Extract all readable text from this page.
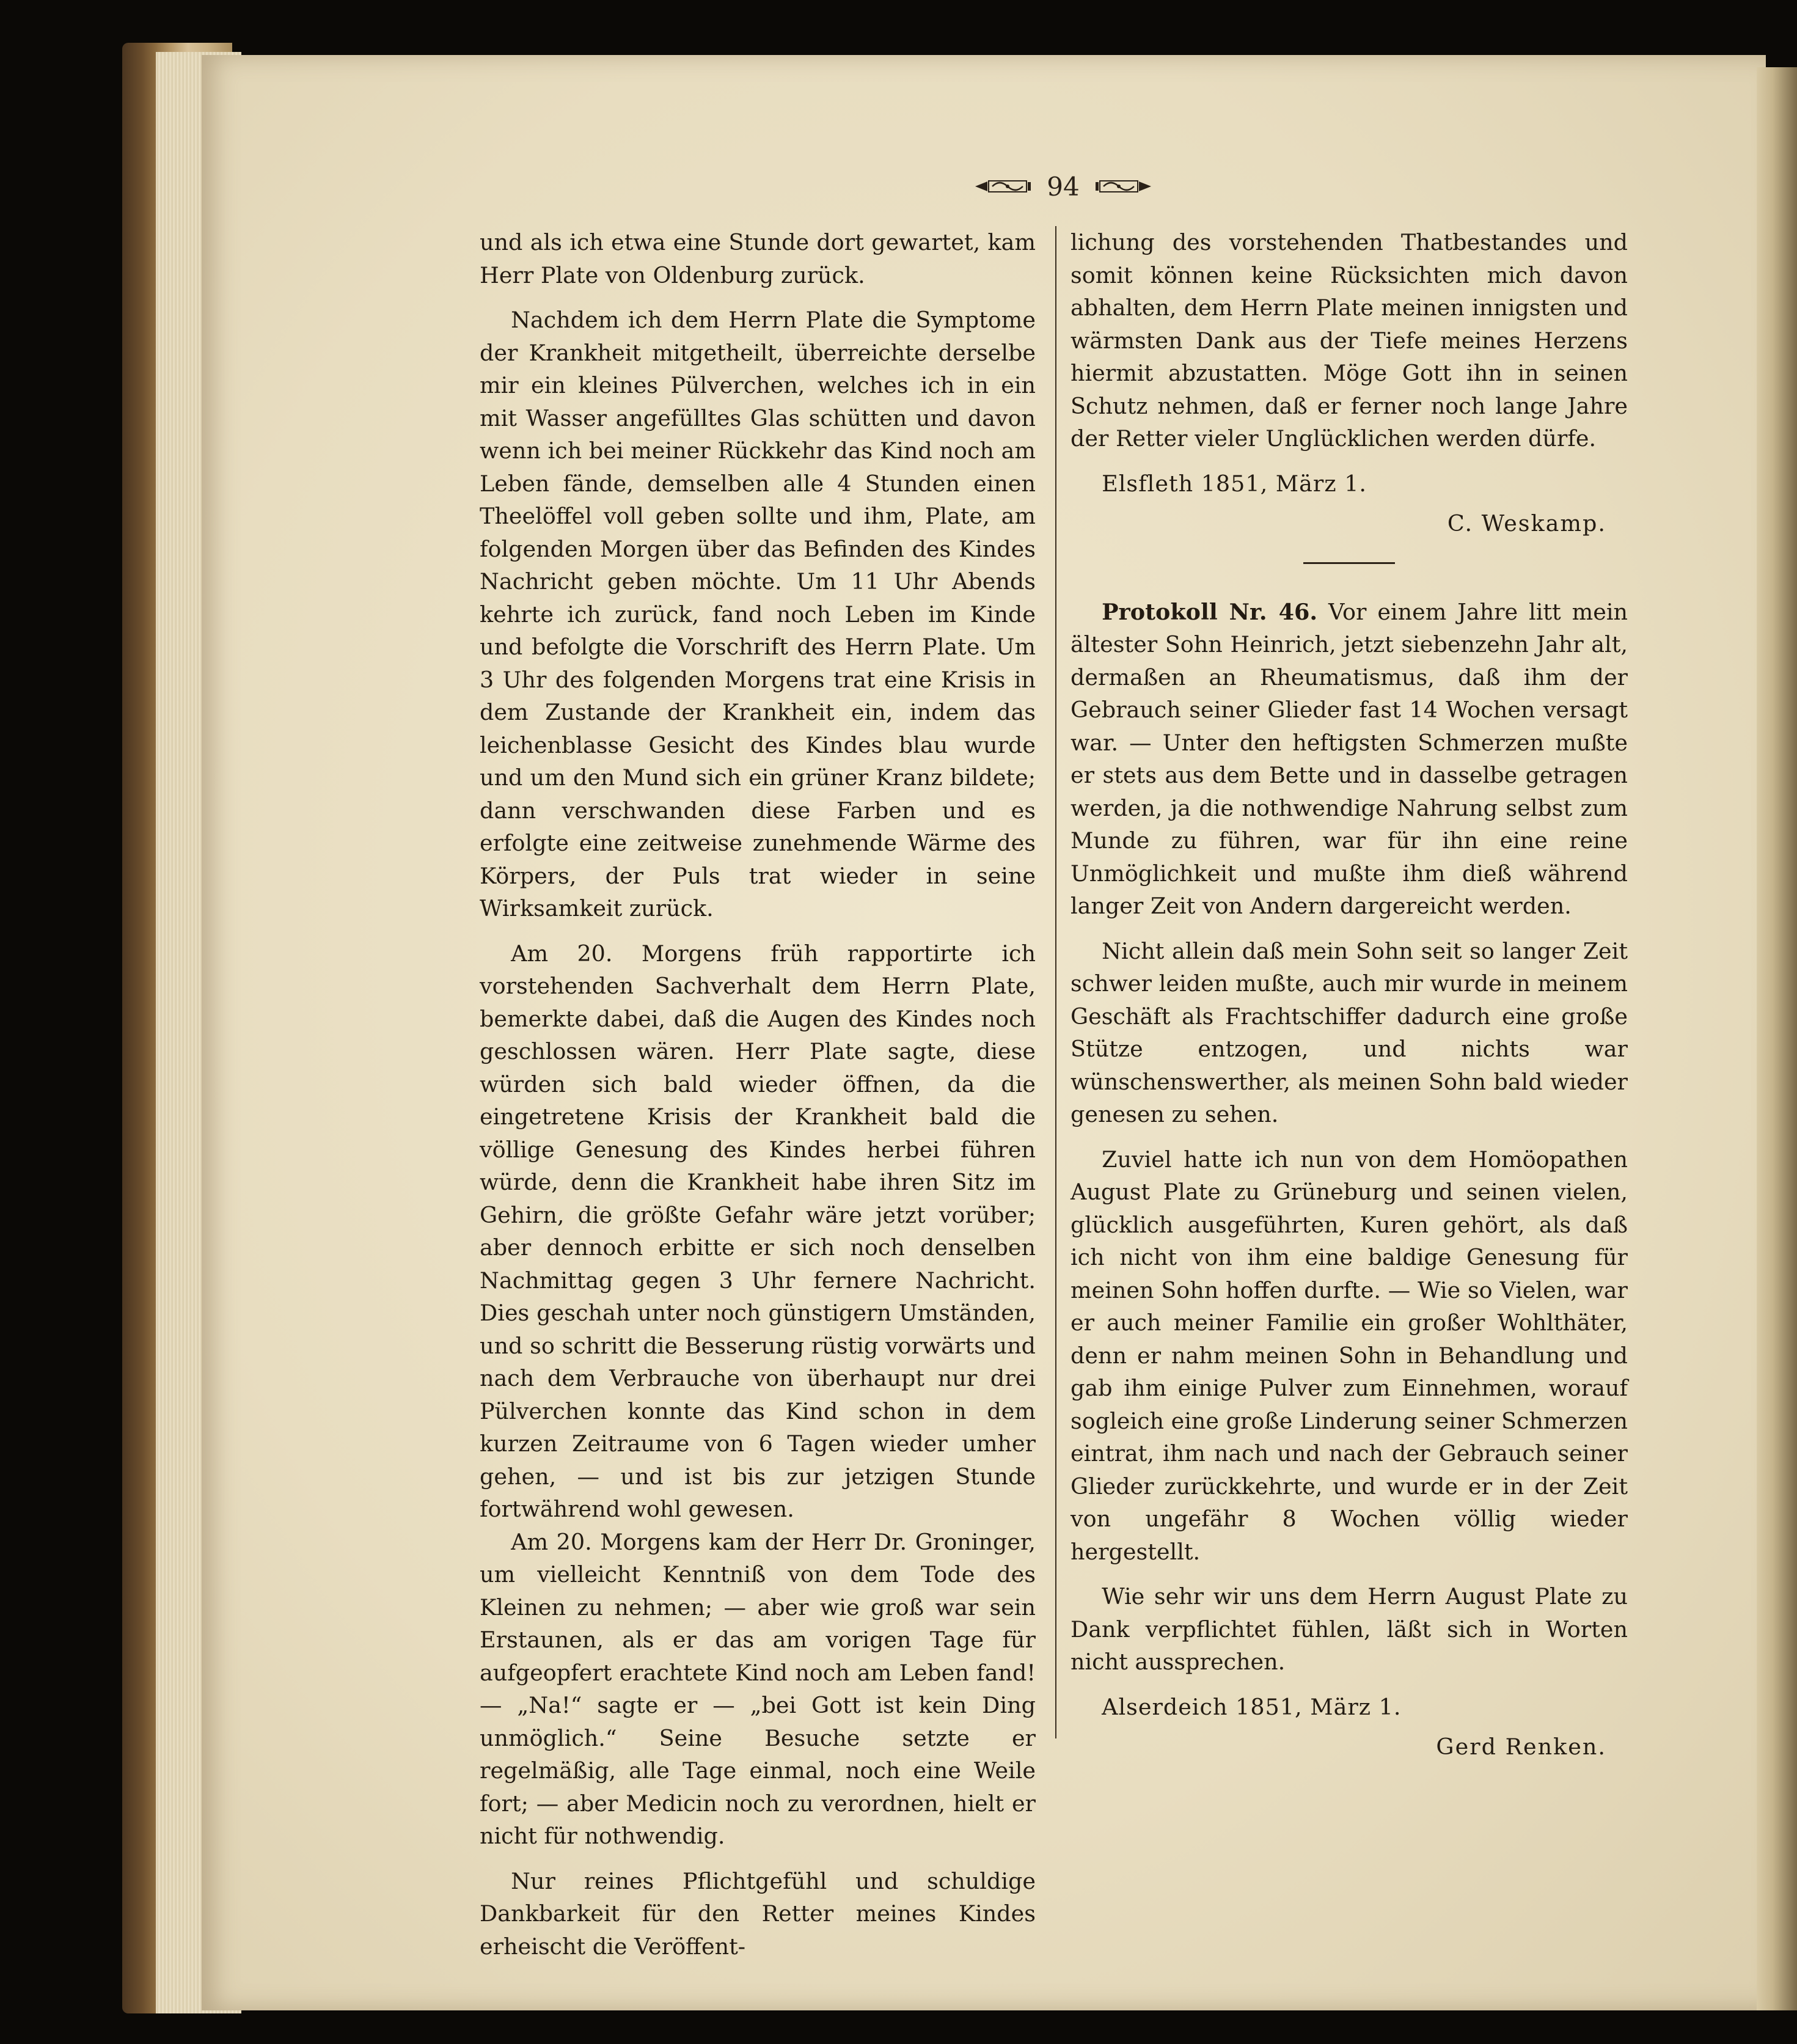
94

und als ich etwa eine Stunde dort gewartet, kam Herr Plate von Oldenburg zurück.

Nachdem ich dem Herrn Plate die Symptome der Krankheit mitgetheilt, überreichte derselbe mir ein kleines Pülverchen, welches ich in ein mit Wasser angefülltes Glas schütten und davon wenn ich bei meiner Rückkehr das Kind noch am Leben fände, demselben alle 4 Stunden einen Theelöffel voll geben sollte und ihm, Plate, am folgenden Morgen über das Befinden des Kindes Nachricht geben möchte. Um 11 Uhr Abends kehrte ich zurück, fand noch Leben im Kinde und befolgte die Vorschrift des Herrn Plate. Um 3 Uhr des folgenden Morgens trat eine Krisis in dem Zustande der Krankheit ein, indem das leichenblasse Gesicht des Kindes blau wurde und um den Mund sich ein grüner Kranz bildete; dann verschwanden diese Farben und es erfolgte eine zeitweise zunehmende Wärme des Körpers, der Puls trat wieder in seine Wirksamkeit zurück.

Am 20. Morgens früh rapportirte ich vorstehenden Sachverhalt dem Herrn Plate, bemerkte dabei, daß die Augen des Kindes noch geschlossen wären. Herr Plate sagte, diese würden sich bald wieder öffnen, da die eingetretene Krisis der Krankheit bald die völlige Genesung des Kindes herbei führen würde, denn die Krankheit habe ihren Sitz im Gehirn, die größte Gefahr wäre jetzt vorüber; aber dennoch erbitte er sich noch denselben Nachmittag gegen 3 Uhr fernere Nachricht. Dies geschah unter noch günstigern Umständen, und so schritt die Besserung rüstig vorwärts und nach dem Verbrauche von überhaupt nur drei Pülverchen konnte das Kind schon in dem kurzen Zeitraume von 6 Tagen wieder umher gehen, — und ist bis zur jetzigen Stunde fortwährend wohl gewesen.

Am 20. Morgens kam der Herr Dr. Groninger, um vielleicht Kenntniß von dem Tode des Kleinen zu nehmen; — aber wie groß war sein Erstaunen, als er das am vorigen Tage für aufgeopfert erachtete Kind noch am Leben fand! — „Na!“ sagte er — „bei Gott ist kein Ding unmöglich.“ Seine Besuche setzte er regelmäßig, alle Tage einmal, noch eine Weile fort; — aber Medicin noch zu verordnen, hielt er nicht für nothwendig.

Nur reines Pflichtgefühl und schuldige Dankbarkeit für den Retter meines Kindes erheischt die Veröffent-

lichung des vorstehenden Thatbestandes und somit können keine Rücksichten mich davon abhalten, dem Herrn Plate meinen innigsten und wärmsten Dank aus der Tiefe meines Herzens hiermit abzustatten. Möge Gott ihn in seinen Schutz nehmen, daß er ferner noch lange Jahre der Retter vieler Unglücklichen werden dürfe.

Elsfleth 1851, März 1.

C. Weskamp.

Protokoll Nr. 46. Vor einem Jahre litt mein ältester Sohn Heinrich, jetzt siebenzehn Jahr alt, dermaßen an Rheumatismus, daß ihm der Gebrauch seiner Glieder fast 14 Wochen versagt war. — Unter den heftigsten Schmerzen mußte er stets aus dem Bette und in dasselbe getragen werden, ja die nothwendige Nahrung selbst zum Munde zu führen, war für ihn eine reine Unmöglichkeit und mußte ihm dieß während langer Zeit von Andern dargereicht werden.

Nicht allein daß mein Sohn seit so langer Zeit schwer leiden mußte, auch mir wurde in meinem Geschäft als Frachtschiffer dadurch eine große Stütze entzogen, und nichts war wünschenswerther, als meinen Sohn bald wieder genesen zu sehen.

Zuviel hatte ich nun von dem Homöopathen August Plate zu Grüneburg und seinen vielen, glücklich ausgeführten, Kuren gehört, als daß ich nicht von ihm eine baldige Genesung für meinen Sohn hoffen durfte. — Wie so Vielen, war er auch meiner Familie ein großer Wohlthäter, denn er nahm meinen Sohn in Behandlung und gab ihm einige Pulver zum Einnehmen, worauf sogleich eine große Linderung seiner Schmerzen eintrat, ihm nach und nach der Gebrauch seiner Glieder zurückkehrte, und wurde er in der Zeit von ungefähr 8 Wochen völlig wieder hergestellt.

Wie sehr wir uns dem Herrn August Plate zu Dank verpflichtet fühlen, läßt sich in Worten nicht aussprechen.

Alserdeich 1851, März 1.

Gerd Renken.
